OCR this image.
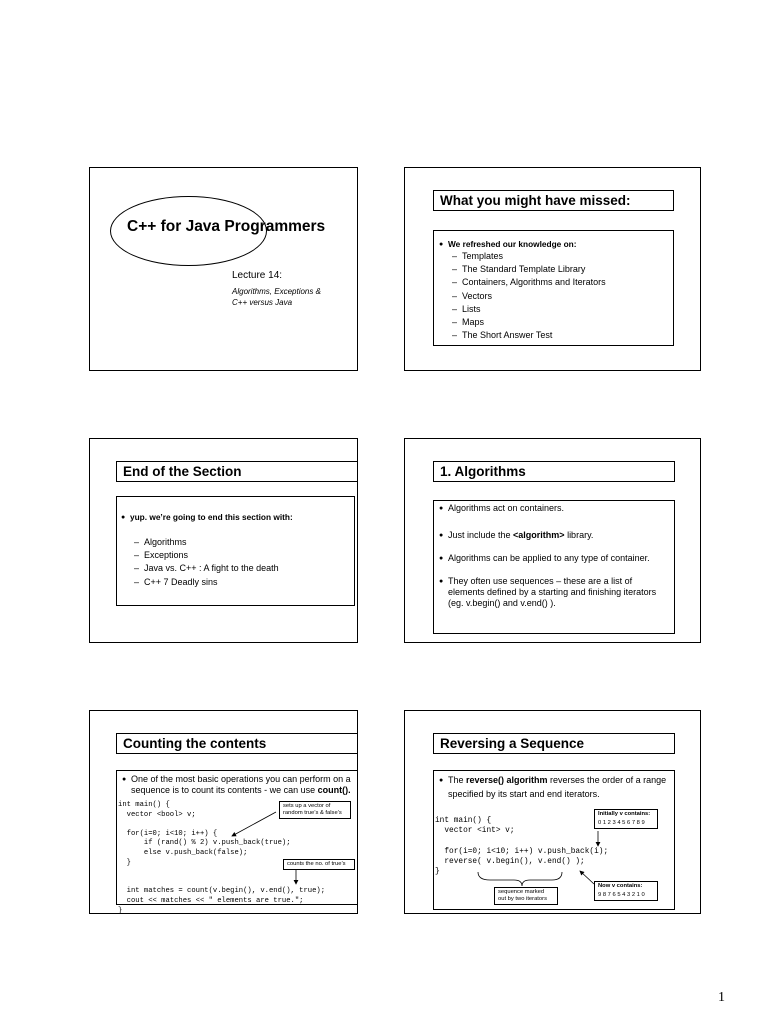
C++ for Java Programmers
Lecture 14:
Algorithms, Exceptions &
C++ versus Java
What you might have missed:
● We refreshed our knowledge on:
–  Templates
–  The Standard Template Library
–  Containers, Algorithms and Iterators
–  Vectors
–  Lists
–  Maps
–  The Short Answer Test
End of the Section
● yup. we’re going to end this section with:
–  Algorithms
–  Exceptions
–  Java vs. C++ : A fight to the death
–  C++ 7 Deadly sins
1. Algorithms
● Algorithms act on containers.
● Just include the <algorithm> library.
● Algorithms can be applied to any type of container.
● They often use sequences – these are a list of
elements defined by a starting and finishing iterators
(eg. v.begin() and v.end() ).
Counting the contents
● One of the most basic operations you can perform on a
sequence is to count its contents - we can use count().
int main() {
vector <bool> v;

for(i=0; i<10; i++) {
if (rand() % 2) v.push_back(true);
else v.push_back(false);
}

int matches = count(v.begin(), v.end(), true);
cout << matches << " elements are true.";
}
sets up a vector of
random true’s & false’s
counts the no. of true’s
Reversing a Sequence
● The reverse() algorithm reverses the order of a range
specified by its start and end iterators.
int main() {
vector <int> v;

for(i=0; i<10; i++) v.push_back(i);
reverse( v.begin(), v.end() );
}
Initially v contains:
0 1 2 3 4 5 6 7 8 9
Now v contains:
9 8 7 6 5 4 3 2 1 0
sequence marked
out by two iterators
1
